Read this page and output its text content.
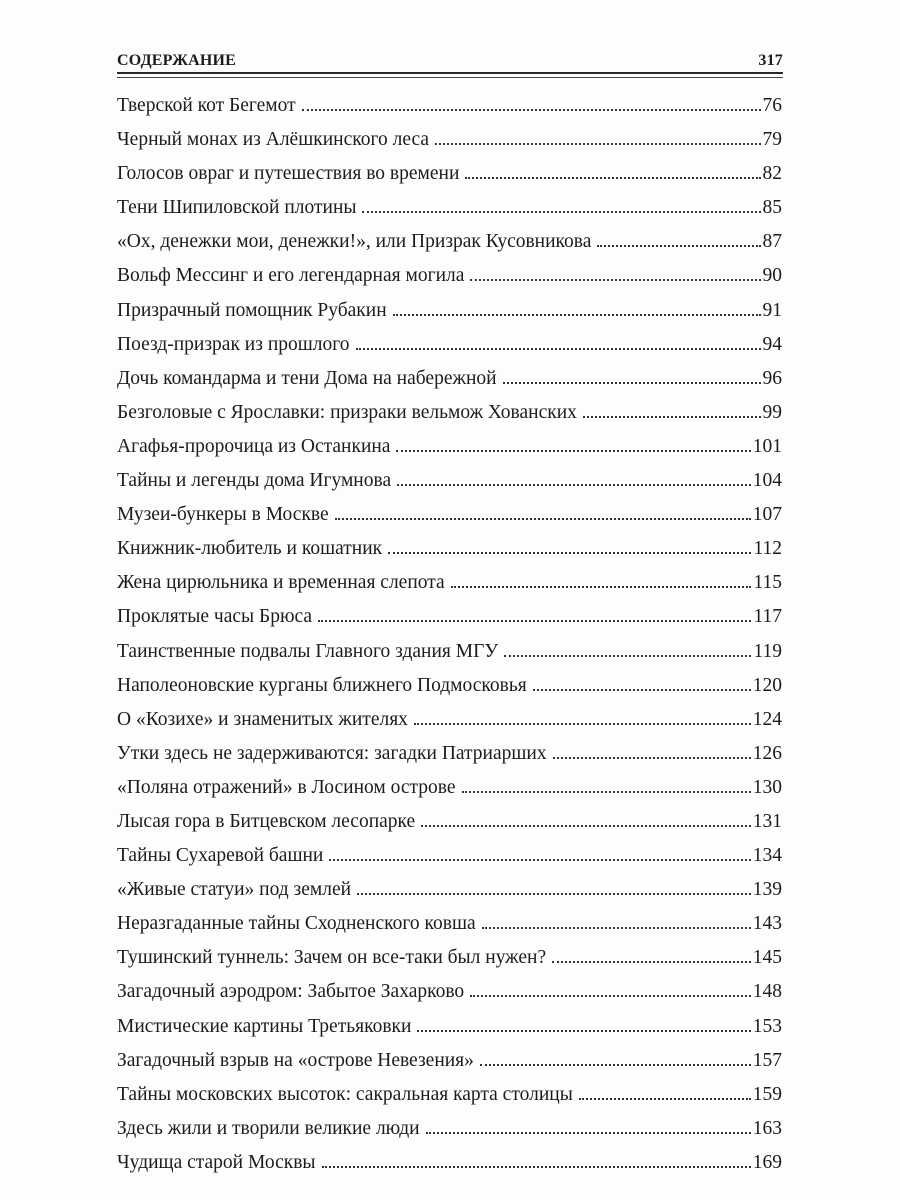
СОДЕРЖАНИЕ	317
Тверской кот Бегемот	76
Черный монах из Алёшкинского леса	79
Голосов овраг и путешествия во времени	82
Тени Шипиловской плотины	85
«Ох, денежки мои, денежки!», или Призрак Кусовникова	87
Вольф Мессинг и его легендарная могила	90
Призрачный помощник Рубакин	91
Поезд-призрак из прошлого	94
Дочь командарма и тени Дома на набережной	96
Безголовые с Ярославки: призраки вельмож Хованских	99
Агафья-пророчица из Останкина	101
Тайны и легенды дома Игумнова	104
Музеи-бункеры в Москве	107
Книжник-любитель и кошатник	112
Жена цирюльника и временная слепота	115
Проклятые часы Брюса	117
Таинственные подвалы Главного здания МГУ	119
Наполеоновские курганы ближнего Подмосковья	120
О «Козихе» и знаменитых жителях	124
Утки здесь не задерживаются: загадки Патриарших	126
«Поляна отражений» в Лосином острове	130
Лысая гора в Битцевском лесопарке	131
Тайны Сухаревой башни	134
«Живые статуи» под землей	139
Неразгаданные тайны Сходненского ковша	143
Тушинский туннель: Зачем он все-таки был нужен?	145
Загадочный аэродром: Забытое Захарково	148
Мистические картины Третьяковки	153
Загадочный взрыв на «острове Невезения»	157
Тайны московских высоток: сакральная карта столицы	159
Здесь жили и творили великие люди	163
Чудища старой Москвы	169
